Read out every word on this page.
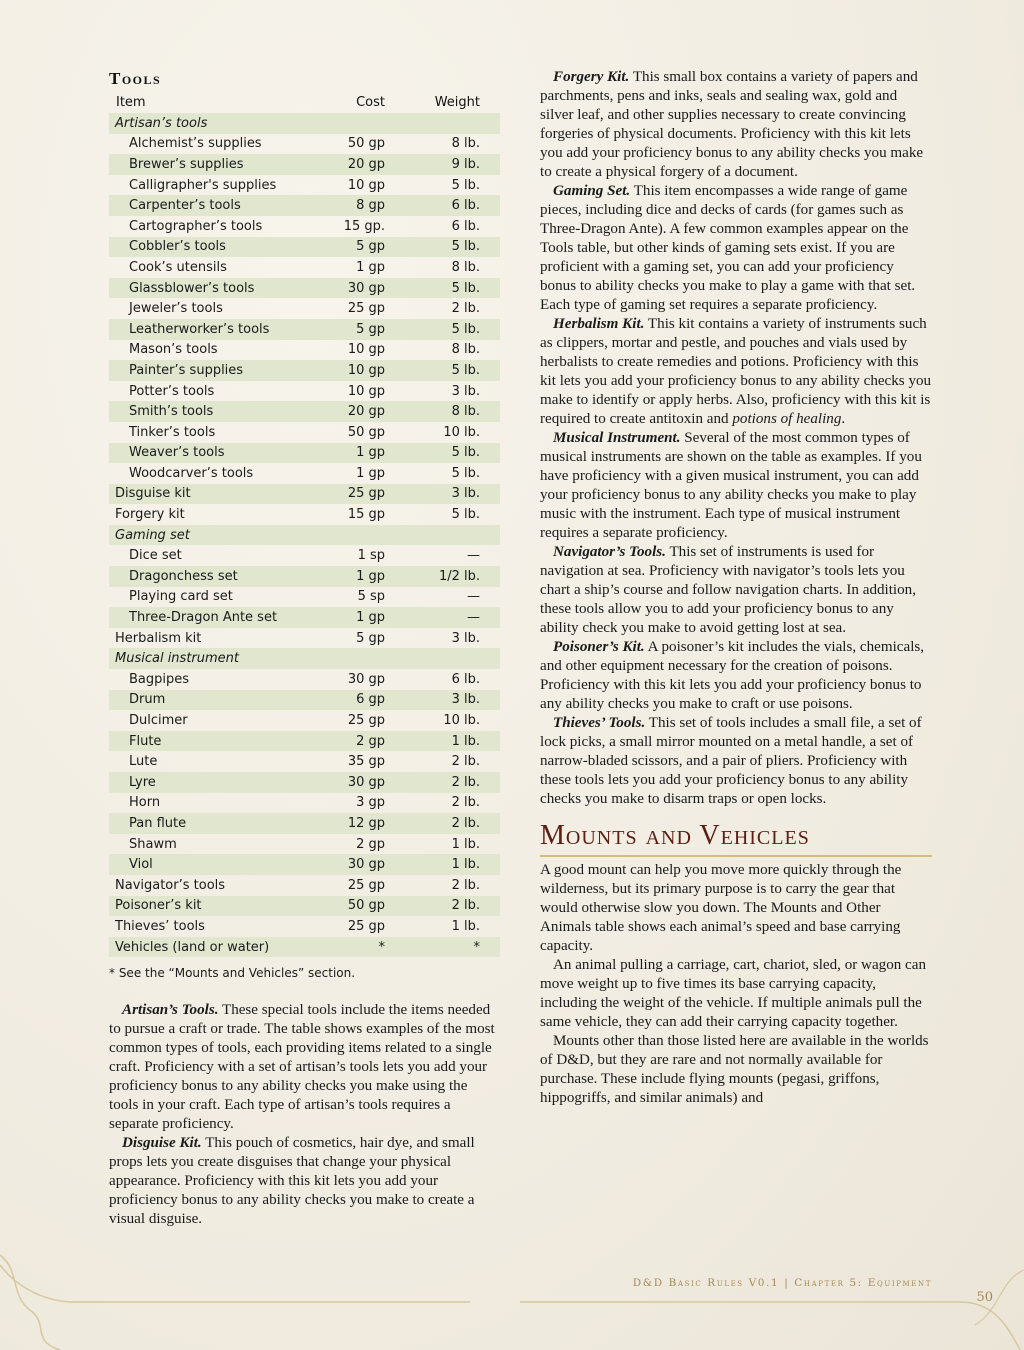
Tools
Item	Cost	Weight
Artisan’s tools		
Alchemist’s supplies	50 gp	8 lb.
Brewer’s supplies	20 gp	9 lb.
Calligrapher's supplies	10 gp	5 lb.
Carpenter’s tools	8 gp	6 lb.
Cartographer’s tools	15 gp.	6 lb.
Cobbler’s tools	5 gp	5 lb.
Cook’s utensils	1 gp	8 lb.
Glassblower’s tools	30 gp	5 lb.
Jeweler’s tools	25 gp	2 lb.
Leatherworker’s tools	5 gp	5 lb.
Mason’s tools	10 gp	8 lb.
Painter’s supplies	10 gp	5 lb.
Potter’s tools	10 gp	3 lb.
Smith’s tools	20 gp	8 lb.
Tinker’s tools	50 gp	10 lb.
Weaver’s tools	1 gp	5 lb.
Woodcarver’s tools	1 gp	5 lb.
Disguise kit	25 gp	3 lb.
Forgery kit	15 gp	5 lb.
Gaming set		
Dice set	1 sp	—
Dragonchess set	1 gp	1/2 lb.
Playing card set	5 sp	—
Three-Dragon Ante set	1 gp	—
Herbalism kit	5 gp	3 lb.
Musical instrument		
Bagpipes	30 gp	6 lb.
Drum	6 gp	3 lb.
Dulcimer	25 gp	10 lb.
Flute	2 gp	1 lb.
Lute	35 gp	2 lb.
Lyre	30 gp	2 lb.
Horn	3 gp	2 lb.
Pan flute	12 gp	2 lb.
Shawm	2 gp	1 lb.
Viol	30 gp	1 lb.
Navigator’s tools	25 gp	2 lb.
Poisoner’s kit	50 gp	2 lb.
Thieves’ tools	25 gp	1 lb.
Vehicles (land or water)	*	*
* See the “Mounts and Vehicles” section.

Artisan’s Tools. These special tools include the items needed to pursue a craft or trade. The table shows examples of the most common types of tools, each providing items related to a single craft. Proficiency with a set of artisan’s tools lets you add your proficiency bonus to any ability checks you make using the tools in your craft. Each type of artisan’s tools requires a separate proficiency.

Disguise Kit. This pouch of cosmetics, hair dye, and small props lets you create disguises that change your physical appearance. Proficiency with this kit lets you add your proficiency bonus to any ability checks you make to create a visual disguise.

Forgery Kit. This small box contains a variety of papers and parchments, pens and inks, seals and sealing wax, gold and silver leaf, and other supplies necessary to create convincing forgeries of physical documents. Proficiency with this kit lets you add your proficiency bonus to any ability checks you make to create a physical forgery of a document.

Gaming Set. This item encompasses a wide range of game pieces, including dice and decks of cards (for games such as Three-Dragon Ante). A few common examples appear on the Tools table, but other kinds of gaming sets exist. If you are proficient with a gaming set, you can add your proficiency bonus to ability checks you make to play a game with that set. Each type of gaming set requires a separate proficiency.

Herbalism Kit. This kit contains a variety of instruments such as clippers, mortar and pestle, and pouches and vials used by herbalists to create remedies and potions. Proficiency with this kit lets you add your proficiency bonus to any ability checks you make to identify or apply herbs. Also, proficiency with this kit is required to create antitoxin and potions of healing.

Musical Instrument. Several of the most common types of musical instruments are shown on the table as examples. If you have proficiency with a given musical instrument, you can add your proficiency bonus to any ability checks you make to play music with the instrument. Each type of musical instrument requires a separate proficiency.

Navigator’s Tools. This set of instruments is used for navigation at sea. Proficiency with navigator’s tools lets you chart a ship’s course and follow navigation charts. In addition, these tools allow you to add your proficiency bonus to any ability check you make to avoid getting lost at sea.

Poisoner’s Kit. A poisoner’s kit includes the vials, chemicals, and other equipment necessary for the creation of poisons. Proficiency with this kit lets you add your proficiency bonus to any ability checks you make to craft or use poisons.

Thieves’ Tools. This set of tools includes a small file, a set of lock picks, a small mirror mounted on a metal handle, a set of narrow-bladed scissors, and a pair of pliers. Proficiency with these tools lets you add your proficiency bonus to any ability checks you make to disarm traps or open locks.

Mounts and Vehicles

A good mount can help you move more quickly through the wilderness, but its primary purpose is to carry the gear that would otherwise slow you down. The Mounts and Other Animals table shows each animal’s speed and base carrying capacity.

An animal pulling a carriage, cart, chariot, sled, or wagon can move weight up to five times its base carrying capacity, including the weight of the vehicle. If multiple animals pull the same vehicle, they can add their carrying capacity together.

Mounts other than those listed here are available in the worlds of D&D, but they are rare and not normally available for purchase. These include flying mounts (pegasi, griffons, hippogriffs, and similar animals) and

D&D Basic Rules V0.1 | Chapter 5: Equipment
50
